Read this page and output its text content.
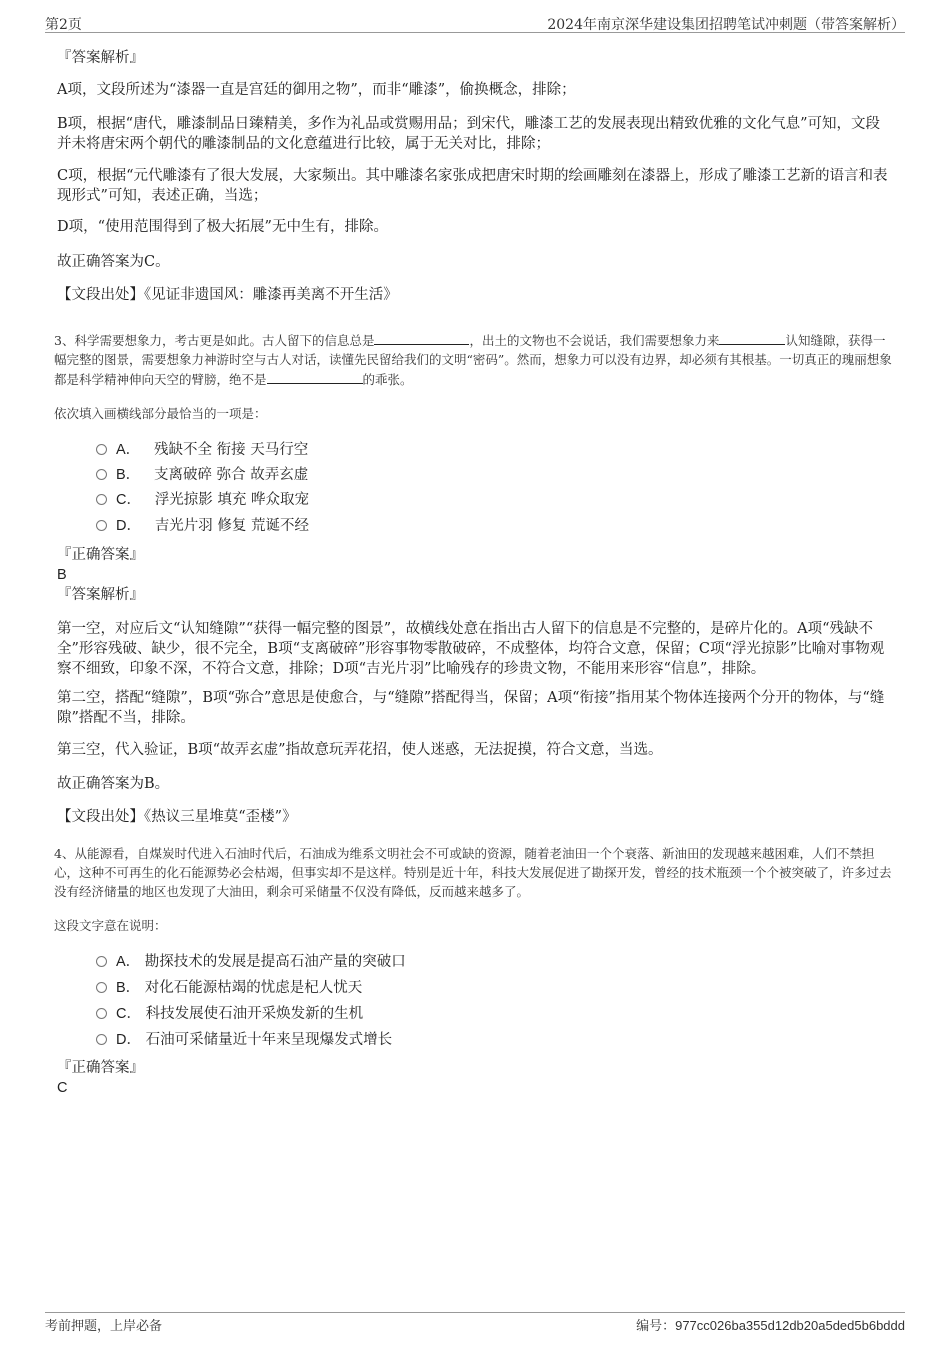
第2页	2024年南京深华建设集团招聘笔试冲刺题（带答案解析）
『答案解析』
A项，文段所述为“漆器一直是宫廷的御用之物”，而非“雕漆”，偷换概念，排除；
B项，根据“唐代，雕漆制品日臻精美，多作为礼品或赏赐用品；到宋代，雕漆工艺的发展表现出精致优雅的文化气息”可知，文段并未将唐宋两个朝代的雕漆制品的文化意蕴进行比较，属于无关对比，排除；
C项，根据“元代雕漆有了很大发展，大家频出。其中雕漆名家张成把唐宋时期的绘画雕刻在漆器上，形成了雕漆工艺新的语言和表现形式”可知，表述正确，当选；
D项，“使用范围得到了极大拓展”无中生有，排除。
故正确答案为C。
【文段出处】《见证非遗国风：雕漆再美离不开生活》
3、科学需要想象力，考古更是如此。古人留下的信息总是	，出土的文物也不会说话，我们需要想象力来	认知缝隙，获得一幅完整的图景，需要想象力神游时空与古人对话，读懂先民留给我们的文明“密码”。然而，想象力可以没有边界，却必须有其根基。一切真正的瑰丽想象都是科学精神伸向天空的臂膀，绝不是	的乖张。
依次填入画横线部分最恰当的一项是：
A． 残缺不全 衔接 天马行空
B． 支离破碎 弥合 故弄玄虚
C． 浮光掠影 填充 哗众取宠
D． 吉光片羽 修复 荒诞不经
『正确答案』
B
『答案解析』
第一空，对应后文“认知缝隙”“获得一幅完整的图景”，故横线处意在指出古人留下的信息是不完整的，是碎片化的。A项“残缺不全”形容残破、缺少，很不完全，B项“支离破碎”形容事物零散破碎，不成整体，均符合文意，保留；C项“浮光掠影”比喻对事物观察不细致，印象不深，不符合文意，排除；D项“吉光片羽”比喻残存的珍贵文物，不能用来形容“信息”，排除。
第二空，搭配“缝隙”，B项“弥合”意思是使愈合，与“缝隙”搭配得当，保留；A项“衔接”指用某个物体连接两个分开的物体，与“缝隙”搭配不当，排除。
第三空，代入验证，B项“故弄玄虚”指故意玩弄花招，使人迷惑，无法捉摸，符合文意，当选。
故正确答案为B。
【文段出处】《热议三星堆莫“歪楼”》
4、从能源看，自煤炭时代进入石油时代后，石油成为维系文明社会不可或缺的资源，随着老油田一个个衰落、新油田的发现越来越困难，人们不禁担心，这种不可再生的化石能源势必会枯竭，但事实却不是这样。特别是近十年，科技大发展促进了勘探开发，曾经的技术瓶颈一个个被突破了，许多过去没有经济储量的地区也发现了大油田，剩余可采储量不仅没有降低，反而越来越多了。
这段文字意在说明：
A． 勘探技术的发展是提高石油产量的突破口
B． 对化石能源枯竭的忧虑是杞人忧天
C． 科技发展使石油开采焕发新的生机
D． 石油可采储量近十年来呈现爆发式增长
『正确答案』
C
考前押题，上岸必备	编号：977cc026ba355d12db20a5ded5b6bddd
